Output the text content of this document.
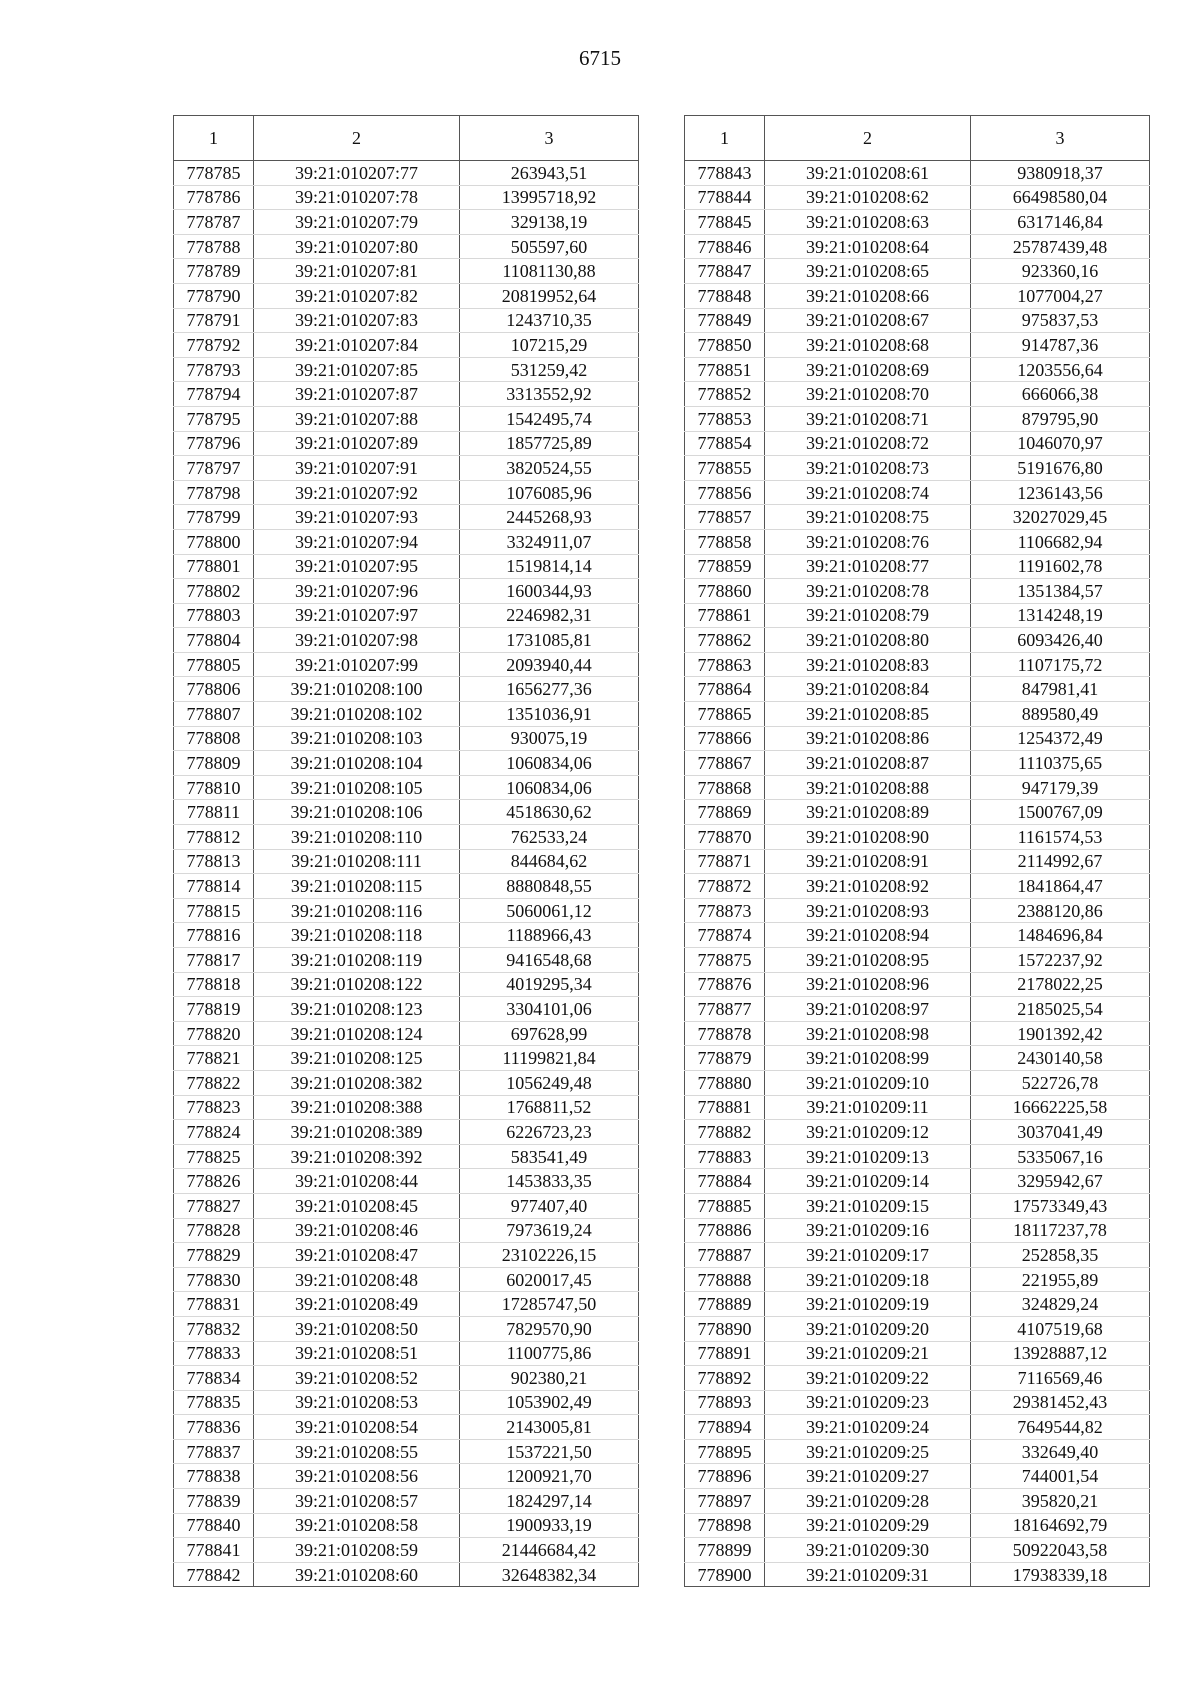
6715
1	2	3
778785	39:21:010207:77	263943,51
778786	39:21:010207:78	13995718,92
778787	39:21:010207:79	329138,19
778788	39:21:010207:80	505597,60
778789	39:21:010207:81	11081130,88
778790	39:21:010207:82	20819952,64
778791	39:21:010207:83	1243710,35
778792	39:21:010207:84	107215,29
778793	39:21:010207:85	531259,42
778794	39:21:010207:87	3313552,92
778795	39:21:010207:88	1542495,74
778796	39:21:010207:89	1857725,89
778797	39:21:010207:91	3820524,55
778798	39:21:010207:92	1076085,96
778799	39:21:010207:93	2445268,93
778800	39:21:010207:94	3324911,07
778801	39:21:010207:95	1519814,14
778802	39:21:010207:96	1600344,93
778803	39:21:010207:97	2246982,31
778804	39:21:010207:98	1731085,81
778805	39:21:010207:99	2093940,44
778806	39:21:010208:100	1656277,36
778807	39:21:010208:102	1351036,91
778808	39:21:010208:103	930075,19
778809	39:21:010208:104	1060834,06
778810	39:21:010208:105	1060834,06
778811	39:21:010208:106	4518630,62
778812	39:21:010208:110	762533,24
778813	39:21:010208:111	844684,62
778814	39:21:010208:115	8880848,55
778815	39:21:010208:116	5060061,12
778816	39:21:010208:118	1188966,43
778817	39:21:010208:119	9416548,68
778818	39:21:010208:122	4019295,34
778819	39:21:010208:123	3304101,06
778820	39:21:010208:124	697628,99
778821	39:21:010208:125	11199821,84
778822	39:21:010208:382	1056249,48
778823	39:21:010208:388	1768811,52
778824	39:21:010208:389	6226723,23
778825	39:21:010208:392	583541,49
778826	39:21:010208:44	1453833,35
778827	39:21:010208:45	977407,40
778828	39:21:010208:46	7973619,24
778829	39:21:010208:47	23102226,15
778830	39:21:010208:48	6020017,45
778831	39:21:010208:49	17285747,50
778832	39:21:010208:50	7829570,90
778833	39:21:010208:51	1100775,86
778834	39:21:010208:52	902380,21
778835	39:21:010208:53	1053902,49
778836	39:21:010208:54	2143005,81
778837	39:21:010208:55	1537221,50
778838	39:21:010208:56	1200921,70
778839	39:21:010208:57	1824297,14
778840	39:21:010208:58	1900933,19
778841	39:21:010208:59	21446684,42
778842	39:21:010208:60	32648382,34
1	2	3
778843	39:21:010208:61	9380918,37
778844	39:21:010208:62	66498580,04
778845	39:21:010208:63	6317146,84
778846	39:21:010208:64	25787439,48
778847	39:21:010208:65	923360,16
778848	39:21:010208:66	1077004,27
778849	39:21:010208:67	975837,53
778850	39:21:010208:68	914787,36
778851	39:21:010208:69	1203556,64
778852	39:21:010208:70	666066,38
778853	39:21:010208:71	879795,90
778854	39:21:010208:72	1046070,97
778855	39:21:010208:73	5191676,80
778856	39:21:010208:74	1236143,56
778857	39:21:010208:75	32027029,45
778858	39:21:010208:76	1106682,94
778859	39:21:010208:77	1191602,78
778860	39:21:010208:78	1351384,57
778861	39:21:010208:79	1314248,19
778862	39:21:010208:80	6093426,40
778863	39:21:010208:83	1107175,72
778864	39:21:010208:84	847981,41
778865	39:21:010208:85	889580,49
778866	39:21:010208:86	1254372,49
778867	39:21:010208:87	1110375,65
778868	39:21:010208:88	947179,39
778869	39:21:010208:89	1500767,09
778870	39:21:010208:90	1161574,53
778871	39:21:010208:91	2114992,67
778872	39:21:010208:92	1841864,47
778873	39:21:010208:93	2388120,86
778874	39:21:010208:94	1484696,84
778875	39:21:010208:95	1572237,92
778876	39:21:010208:96	2178022,25
778877	39:21:010208:97	2185025,54
778878	39:21:010208:98	1901392,42
778879	39:21:010208:99	2430140,58
778880	39:21:010209:10	522726,78
778881	39:21:010209:11	16662225,58
778882	39:21:010209:12	3037041,49
778883	39:21:010209:13	5335067,16
778884	39:21:010209:14	3295942,67
778885	39:21:010209:15	17573349,43
778886	39:21:010209:16	18117237,78
778887	39:21:010209:17	252858,35
778888	39:21:010209:18	221955,89
778889	39:21:010209:19	324829,24
778890	39:21:010209:20	4107519,68
778891	39:21:010209:21	13928887,12
778892	39:21:010209:22	7116569,46
778893	39:21:010209:23	29381452,43
778894	39:21:010209:24	7649544,82
778895	39:21:010209:25	332649,40
778896	39:21:010209:27	744001,54
778897	39:21:010209:28	395820,21
778898	39:21:010209:29	18164692,79
778899	39:21:010209:30	50922043,58
778900	39:21:010209:31	17938339,18
